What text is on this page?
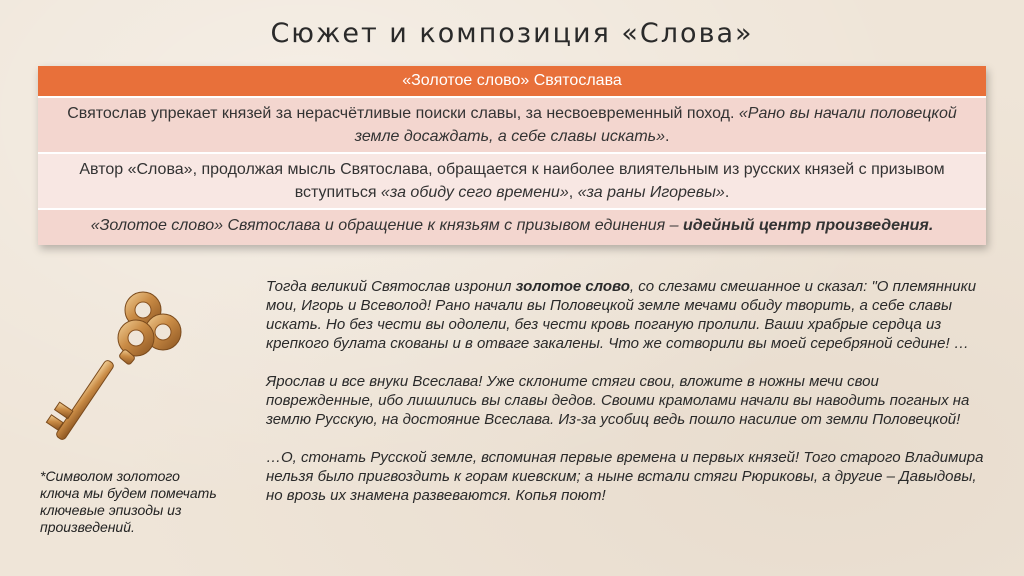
Сюжет и композиция «Слова»
«Золотое слово» Святослава
Святослав упрекает князей за нерасчётливые поиски славы, за несвоевременный поход. «Рано вы начали половецкой земле досаждать, а себе славы искать».
Автор «Слова», продолжая мысль Святослава, обращается к наиболее влиятельным из русских князей с призывом вступиться «за обиду сего времени», «за раны Игоревы».
«Золотое слово» Святослава и обращение к князьям с призывом единения – идейный центр произведения.
*Символом золотого ключа мы будем помечать ключевые эпизоды из произведений.

Тогда великий Святослав изронил золотое слово, со слезами смешанное и сказал: "О племянники мои, Игорь и Всеволод! Рано начали вы Половецкой земле мечами обиду творить, а себе славы искать. Но без чести вы одолели, без чести кровь поганую пролили. Ваши храбрые сердца из крепкого булата скованы и в отваге закалены. Что же сотворили вы моей серебряной седине! …

Ярослав и все внуки Всеслава! Уже склоните стяги свои, вложите в ножны мечи свои поврежденные, ибо лишились вы славы дедов. Своими крамолами начали вы наводить поганых на землю Русскую, на достояние Всеслава. Из-за усобиц ведь пошло насилие от земли Половецкой!

…О, стонать Русской земле, вспоминая первые времена и первых князей! Того старого Владимира нельзя было пригвоздить к горам киевским; а ныне встали стяги Рюриковы, а другие – Давыдовы, но врозь их знамена развеваются. Копья поют!
